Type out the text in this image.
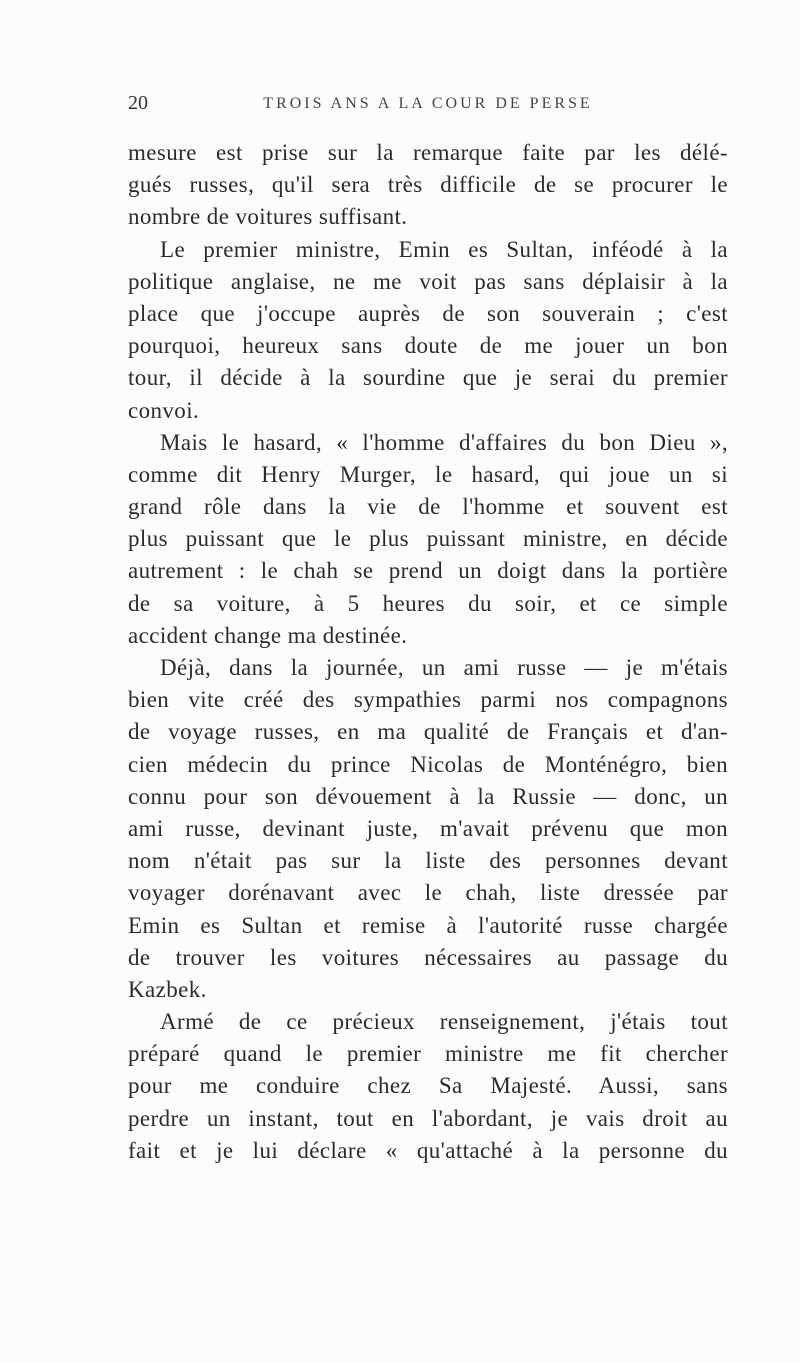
20	TROIS ANS A LA COUR DE PERSE
mesure est prise sur la remarque faite par les délé-
gués russes, qu'il sera très difficile de se procurer le
nombre de voitures suffisant.
Le premier ministre, Emin es Sultan, inféodé à la
politique anglaise, ne me voit pas sans déplaisir à la
place que j'occupe auprès de son souverain ; c'est
pourquoi, heureux sans doute de me jouer un bon
tour, il décide à la sourdine que je serai du premier
convoi.
Mais le hasard, « l'homme d'affaires du bon Dieu »,
comme dit Henry Murger, le hasard, qui joue un si
grand rôle dans la vie de l'homme et souvent est
plus puissant que le plus puissant ministre, en décide
autrement : le chah se prend un doigt dans la portière
de sa voiture, à 5 heures du soir, et ce simple
accident change ma destinée.
Déjà, dans la journée, un ami russe — je m'étais
bien vite créé des sympathies parmi nos compagnons
de voyage russes, en ma qualité de Français et d'an-
cien médecin du prince Nicolas de Monténégro, bien
connu pour son dévouement à la Russie — donc, un
ami russe, devinant juste, m'avait prévenu que mon
nom n'était pas sur la liste des personnes devant
voyager dorénavant avec le chah, liste dressée par
Emin es Sultan et remise à l'autorité russe chargée
de trouver les voitures nécessaires au passage du
Kazbek.
Armé de ce précieux renseignement, j'étais tout
préparé quand le premier ministre me fit chercher
pour me conduire chez Sa Majesté. Aussi, sans
perdre un instant, tout en l'abordant, je vais droit au
fait et je lui déclare « qu'attaché à la personne du
